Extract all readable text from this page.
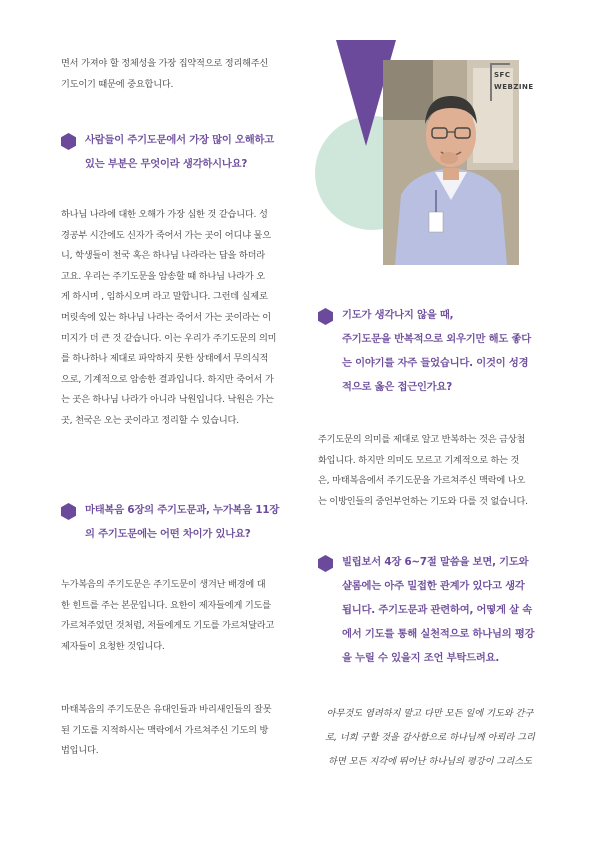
SFC
WEBZINE

면서 가져야 할 정체성을 가장 집약적으로 정리해주신

기도이기 때문에 중요합니다.

사람들이 주기도문에서 가장 많이 오해하고

있는 부분은 무엇이라 생각하시나요?

하나님 나라에 대한 오해가 가장 심한 것 같습니다. 성

경공부 시간에도 신자가 죽어서 가는 곳이 어디냐 물으

니, 학생들이 천국 혹은 하나님 나라라는 답을 하더라

고요. 우리는 주기도문을 암송할 때 하나님 나라가 오

게 하시며 , 임하시오며 라고 말합니다. 그런데 실제로

머릿속에 있는 하나님 나라는 죽어서 가는 곳이라는 이

미지가 더 큰 것 같습니다. 이는 우리가 주기도문의 의미

를 하나하나 제대로 파악하지 못한 상태에서 무의식적

으로, 기계적으로 암송한 결과입니다. 하지만 죽어서 가

는 곳은 하나님 나라가 아니라 낙원입니다. 낙원은 가는

곳, 천국은 오는 곳이라고 정리할 수 있습니다.

마태복음 6장의 주기도문과, 누가복음 11장

의 주기도문에는 어떤 차이가 있나요?

누가복음의 주기도문은 주기도문이 생겨난 배경에 대

한 힌트를 주는 본문입니다. 요한이 제자들에게 기도를

가르쳐주었던 것처럼, 저들에게도 기도를 가르쳐달라고

제자들이 요청한 것입니다.

마태복음의 주기도문은 유대인들과 바리새인들의 잘못

된 기도를 지적하시는 맥락에서 가르쳐주신 기도의 방

법입니다.

기도가 생각나지 않을 때,

주기도문을 반복적으로 외우기만 해도 좋다

는 이야기를 자주 들었습니다. 이것이 성경

적으로 옳은 접근인가요?

주기도문의 의미를 제대로 알고 반복하는 것은 금상첨

화입니다. 하지만 의미도 모르고 기계적으로 하는 것

은, 마태복음에서 주기도문을 가르쳐주신 맥락에 나오

는 이방인들의 중언부언하는 기도와 다를 것 없습니다.

빌립보서 4장 6~7절 말씀을 보면, 기도와

샬롬에는 아주 밀접한 관계가 있다고 생각

됩니다. 주기도문과 관련하여, 어떻게 살 속

에서 기도를 통해 실천적으로 하나님의 평강

을 누릴 수 있을지 조언 부탁드려요.

아무것도 염려하지 말고 다만 모든 일에 기도와 간구

로, 너희 구할 것을 감사함으로 하나님께 아뢰라 그리

하면 모든 지각에 뛰어난 하나님의 평강이 그리스도
